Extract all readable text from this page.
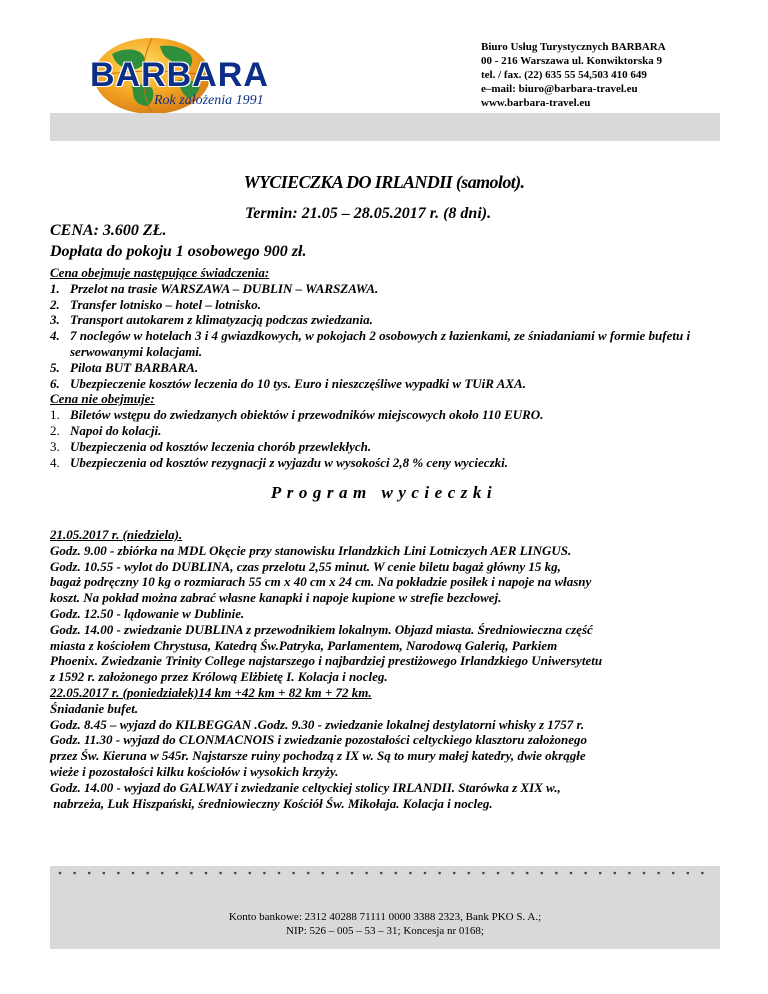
BARBARA
Rok założenia 1991
Biuro Usług Turystycznych BARBARA
00 - 216 Warszawa ul. Konwiktorska 9
tel. / fax. (22) 635 55 54,503 410 649
e–mail: biuro@barbara-travel.eu
www.barbara-travel.eu
WYCIECZKA DO IRLANDII (samolot).
Termin: 21.05 – 28.05.2017 r. (8 dni).
CENA: 3.600 ZŁ.
Dopłata do pokoju 1 osobowego 900 zł.
Cena obejmuje następujące świadczenia:
1. Przelot na trasie WARSZAWA – DUBLIN – WARSZAWA.
2. Transfer lotnisko – hotel – lotnisko.
3. Transport autokarem z klimatyzacją podczas zwiedzania.
4. 7 noclegów w hotelach 3 i 4 gwiazdkowych, w pokojach 2 osobowych z łazienkami, ze śniadaniami w formie bufetu i serwowanymi kolacjami.
5. Pilota BUT BARBARA.
6. Ubezpieczenie kosztów leczenia do 10 tys. Euro i nieszczęśliwe wypadki w TUiR AXA.
Cena nie obejmuje:
1. Biletów wstępu do zwiedzanych obiektów i przewodników miejscowych około 110 EURO.
2. Napoi do kolacji.
3. Ubezpieczenia od kosztów leczenia chorób przewlekłych.
4. Ubezpieczenia od kosztów rezygnacji z wyjazdu w wysokości 2,8 % ceny wycieczki.
Program wycieczki
21.05.2017 r. (niedziela).
Godz. 9.00 - zbiórka na MDL Okęcie przy stanowisku Irlandzkich Lini Lotniczych AER LINGUS.
Godz. 10.55 - wylot do DUBLINA, czas przelotu 2,55 minut. W cenie biletu bagaż główny 15 kg,
bagaż podręczny 10 kg o rozmiarach 55 cm x 40 cm x 24 cm. Na pokładzie posiłek i napoje na własny
koszt. Na pokład można zabrać własne kanapki i napoje kupione w strefie bezcłowej.
Godz. 12.50 - lądowanie w Dublinie.
Godz. 14.00 - zwiedzanie DUBLINA z przewodnikiem lokalnym. Objazd miasta. Średniowieczna część
miasta z kościołem Chrystusa, Katedrą Św.Patryka, Parlamentem, Narodową Galerią, Parkiem
Phoenix. Zwiedzanie Trinity College najstarszego i najbardziej prestiżowego Irlandzkiego Uniwersytetu
z 1592 r. założonego przez Królową Elżbietę I. Kolacja i nocleg.
22.05.2017 r. (poniedziałek)14 km +42 km + 82 km + 72 km.
Śniadanie bufet.
Godz. 8.45 – wyjazd do KILBEGGAN .Godz. 9.30 - zwiedzanie lokalnej destylatorni whisky z 1757 r.
Godz. 11.30 - wyjazd do CLONMACNOIS i zwiedzanie pozostałości celtyckiego klasztoru założonego
przez Św. Kieruna w 545r. Najstarsze ruiny pochodzą z IX w. Są to mury małej katedry, dwie okrągłe
wieże i pozostałości kilku kościołów i wysokich krzyży.
Godz. 14.00 - wyjazd do GALWAY i zwiedzanie celtyckiej stolicy IRLANDII. Starówka z XIX w.,
nabrzeża, Luk Hiszpański, średniowieczny Kościół Św. Mikołaja. Kolacja i nocleg.
Konto bankowe: 2312 40288 71111 0000 3388 2323, Bank PKO S. A.;
NIP: 526 – 005 – 53 – 31; Koncesja nr 0168;
